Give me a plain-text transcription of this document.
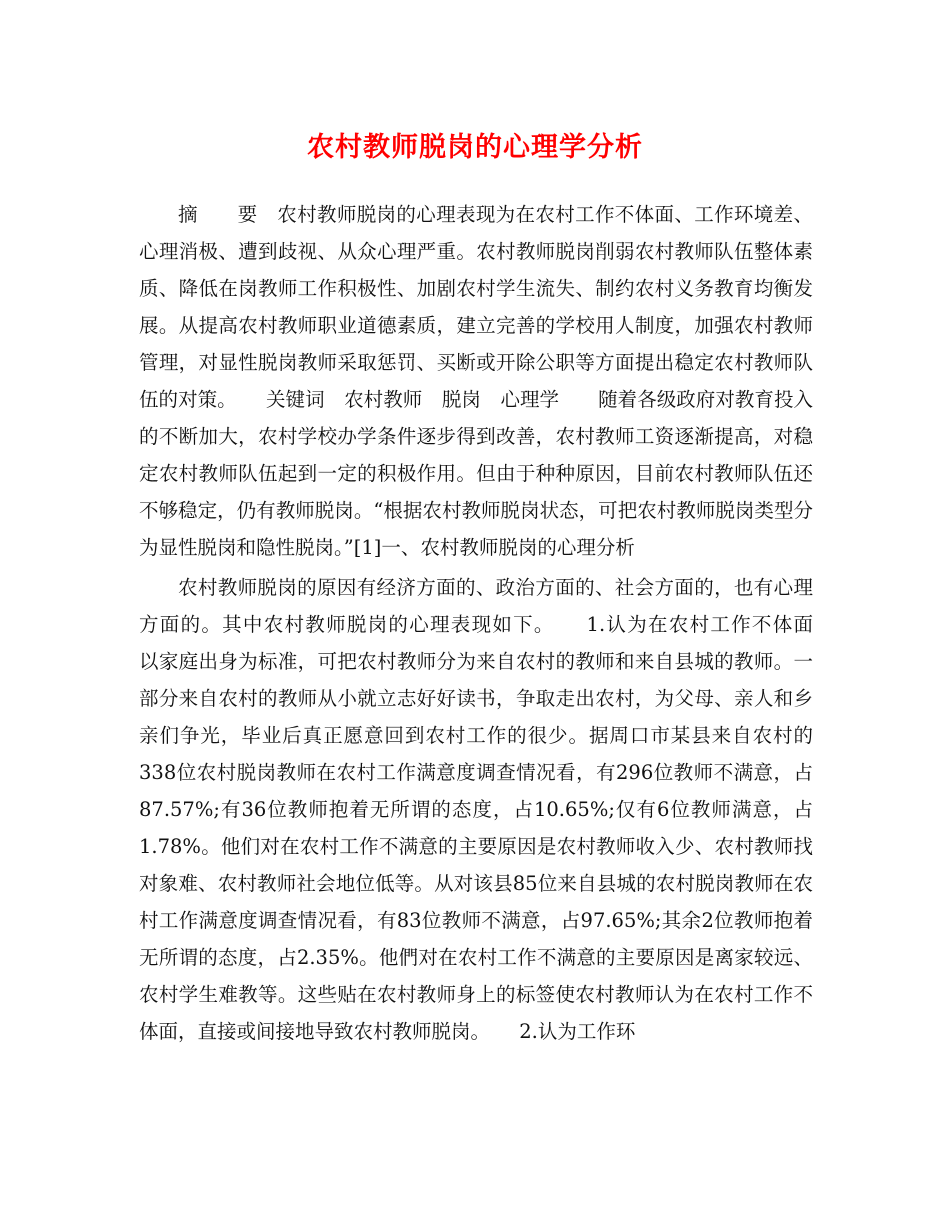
农村教师脱岗的心理学分析

摘　　要　农村教师脱岗的心理表现为在农村工作不体面、工作环境差、心理消极、遭到歧视、从众心理严重。农村教师脱岗削弱农村教师队伍整体素质、降低在岗教师工作积极性、加剧农村学生流失、制约农村义务教育均衡发展。从提高农村教师职业道德素质，建立完善的学校用人制度，加强农村教师管理，对显性脱岗教师采取惩罚、买断或开除公职等方面提出稳定农村教师队伍的对策。　　关键词　农村教师　脱岗　心理学　　随着各级政府对教育投入的不断加大，农村学校办学条件逐步得到改善，农村教师工资逐渐提高，对稳定农村教师队伍起到一定的积极作用。但由于种种原因，目前农村教师队伍还不够稳定，仍有教师脱岗。“根据农村教师脱岗状态，可把农村教师脱岗类型分为显性脱岗和隐性脱岗。”[1]一、农村教师脱岗的心理分析

农村教师脱岗的原因有经济方面的、政治方面的、社会方面的，也有心理方面的。其中农村教师脱岗的心理表现如下。　　1.认为在农村工作不体面　　以家庭出身为标准，可把农村教师分为来自农村的教师和来自县城的教师。一部分来自农村的教师从小就立志好好读书，争取走出农村，为父母、亲人和乡亲们争光，毕业后真正愿意回到农村工作的很少。据周口市某县来自农村的338位农村脱岗教师在农村工作满意度调查情况看，有296位教师不满意，占87.57%;有36位教师抱着无所谓的态度，占10.65%;仅有6位教师满意，占1.78%。他们对在农村工作不满意的主要原因是农村教师收入少、农村教师找对象难、农村教师社会地位低等。从对该县85位来自县城的农村脱岗教师在农村工作满意度调查情况看，有83位教师不满意，占97.65%;其余2位教师抱着无所谓的态度，占2.35%。他們对在农村工作不满意的主要原因是离家较远、农村学生难教等。这些贴在农村教师身上的标签使农村教师认为在农村工作不体面，直接或间接地导致农村教师脱岗。　　2.认为工作环
